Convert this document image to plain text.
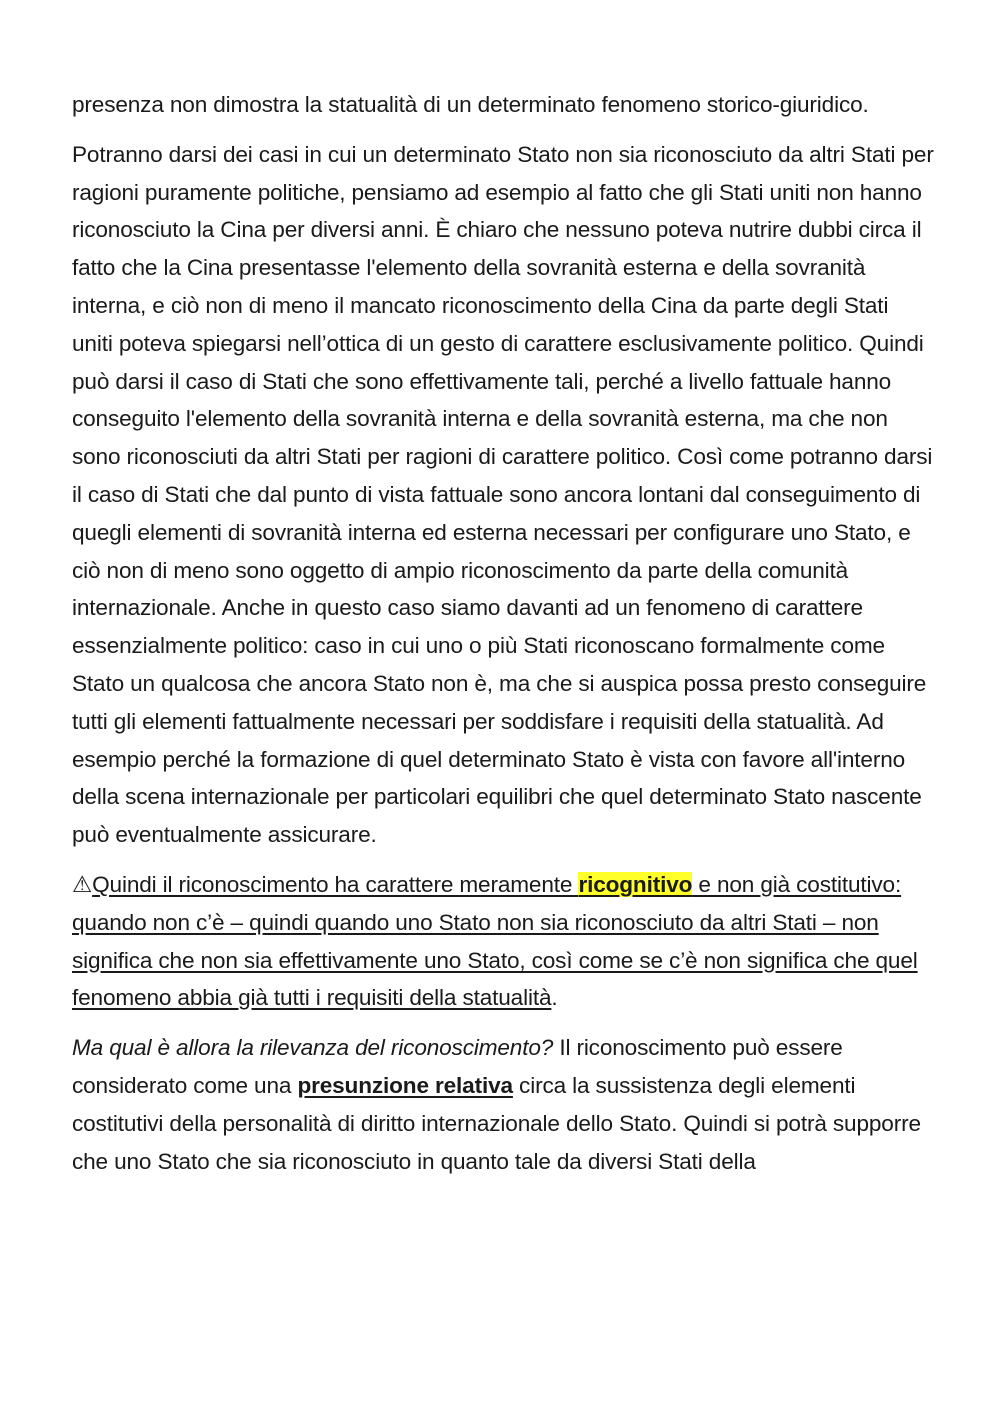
presenza non dimostra la statualità di un determinato fenomeno storico-giuridico.

Potranno darsi dei casi in cui un determinato Stato non sia riconosciuto da altri Stati per ragioni puramente politiche, pensiamo ad esempio al fatto che gli Stati uniti non hanno riconosciuto la Cina per diversi anni. È chiaro che nessuno poteva nutrire dubbi circa il fatto che la Cina presentasse l'elemento della sovranità esterna e della sovranità interna, e ciò non di meno il mancato riconoscimento della Cina da parte degli Stati uniti poteva spiegarsi nell’ottica di un gesto di carattere esclusivamente politico. Quindi può darsi il caso di Stati che sono effettivamente tali, perché a livello fattuale hanno conseguito l'elemento della sovranità interna e della sovranità esterna, ma che non sono riconosciuti da altri Stati per ragioni di carattere politico. Così come potranno darsi il caso di Stati che dal punto di vista fattuale sono ancora lontani dal conseguimento di quegli elementi di sovranità interna ed esterna necessari per configurare uno Stato, e ciò non di meno sono oggetto di ampio riconoscimento da parte della comunità internazionale. Anche in questo caso siamo davanti ad un fenomeno di carattere essenzialmente politico: caso in cui uno o più Stati riconoscano formalmente come Stato un qualcosa che ancora Stato non è, ma che si auspica possa presto conseguire tutti gli elementi fattualmente necessari per soddisfare i requisiti della statualità. Ad esempio perché la formazione di quel determinato Stato è vista con favore all'interno della scena internazionale per particolari equilibri che quel determinato Stato nascente può eventualmente assicurare.

⚠Quindi il riconoscimento ha carattere meramente ricognitivo e non già costitutivo: quando non c’è – quindi quando uno Stato non sia riconosciuto da altri Stati – non significa che non sia effettivamente uno Stato, così come se c’è non significa che quel fenomeno abbia già tutti i requisiti della statualità.

Ma qual è allora la rilevanza del riconoscimento? Il riconoscimento può essere considerato come una presunzione relativa circa la sussistenza degli elementi costitutivi della personalità di diritto internazionale dello Stato. Quindi si potrà supporre che uno Stato che sia riconosciuto in quanto tale da diversi Stati della
